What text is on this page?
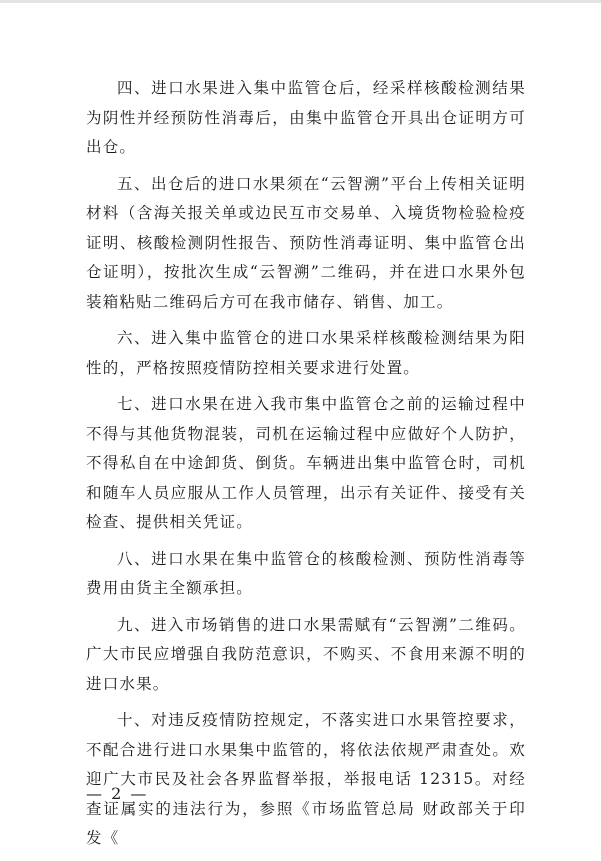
四、进口水果进入集中监管仓后，经采样核酸检测结果为阴性并经预防性消毒后，由集中监管仓开具出仓证明方可出仓。

五、出仓后的进口水果须在“云智溯”平台上传相关证明材料（含海关报关单或边民互市交易单、入境货物检验检疫证明、核酸检测阴性报告、预防性消毒证明、集中监管仓出仓证明），按批次生成“云智溯”二维码，并在进口水果外包装箱粘贴二维码后方可在我市储存、销售、加工。

六、进入集中监管仓的进口水果采样核酸检测结果为阳性的，严格按照疫情防控相关要求进行处置。

七、进口水果在进入我市集中监管仓之前的运输过程中不得与其他货物混装，司机在运输过程中应做好个人防护，不得私自在中途卸货、倒货。车辆进出集中监管仓时，司机和随车人员应服从工作人员管理，出示有关证件、接受有关检查、提供相关凭证。

八、进口水果在集中监管仓的核酸检测、预防性消毒等费用由货主全额承担。

九、进入市场销售的进口水果需赋有“云智溯”二维码。广大市民应增强自我防范意识，不购买、不食用来源不明的进口水果。

十、对违反疫情防控规定，不落实进口水果管控要求，不配合进行进口水果集中监管的，将依法依规严肃查处。欢迎广大市民及社会各界监督举报，举报电话 12315。对经查证属实的违法行为，参照《市场监管总局 财政部关于印发《

— 2 —
